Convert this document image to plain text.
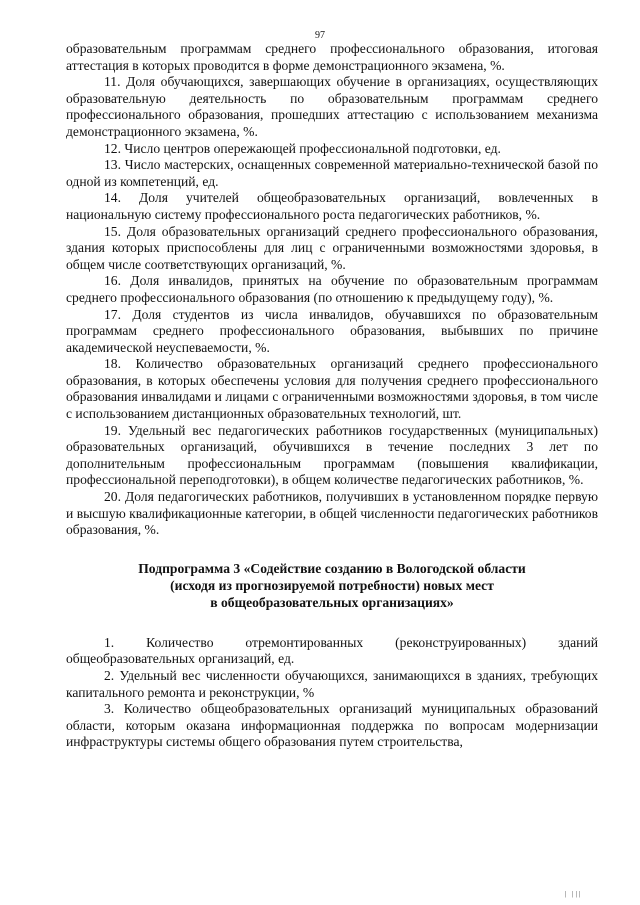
97

образовательным программам среднего профессионального образования, итоговая аттестация в которых проводится в форме демонстрационного экзамена, %.

11. Доля обучающихся, завершающих обучение в организациях, осуществляющих образовательную деятельность по образовательным программам среднего профессионального образования, прошедших аттестацию с использованием механизма демонстрационного экзамена, %.

12. Число центров опережающей профессиональной подготовки, ед.

13. Число мастерских, оснащенных современной материально-технической базой по одной из компетенций, ед.

14. Доля учителей общеобразовательных организаций, вовлеченных в национальную систему профессионального роста педагогических работников, %.

15. Доля образовательных организаций среднего профессионального образования, здания которых приспособлены для лиц с ограниченными возможностями здоровья, в общем числе соответствующих организаций, %.

16. Доля инвалидов, принятых на обучение по образовательным программам среднего профессионального образования (по отношению к предыдущему году), %.

17. Доля студентов из числа инвалидов, обучавшихся по образовательным программам среднего профессионального образования, выбывших по причине академической неуспеваемости, %.

18. Количество образовательных организаций среднего профессионального образования, в которых обеспечены условия для получения среднего профессионального образования инвалидами и лицами с ограниченными возможностями здоровья, в том числе с использованием дистанционных образовательных технологий, шт.

19. Удельный вес педагогических работников государственных (муниципальных) образовательных организаций, обучившихся в течение последних 3 лет по дополнительным профессиональным программам (повышения квалификации, профессиональной переподготовки), в общем количестве педагогических работников, %.

20. Доля педагогических работников, получивших в установленном порядке первую и высшую квалификационные категории, в общей численности педагогических работников образования, %.

Подпрограмма 3 «Содействие созданию в Вологодской области
(исходя из прогнозируемой потребности) новых мест
в общеобразовательных организациях»

1. Количество отремонтированных (реконструированных) зданий общеобразовательных организаций, ед.

2. Удельный вес численности обучающихся, занимающихся в зданиях, требующих капитального ремонта и реконструкции, %

3. Количество общеобразовательных организаций муниципальных образований области, которым оказана информационная поддержка по вопросам модернизации инфраструктуры системы общего образования путем строительства,

| |||
